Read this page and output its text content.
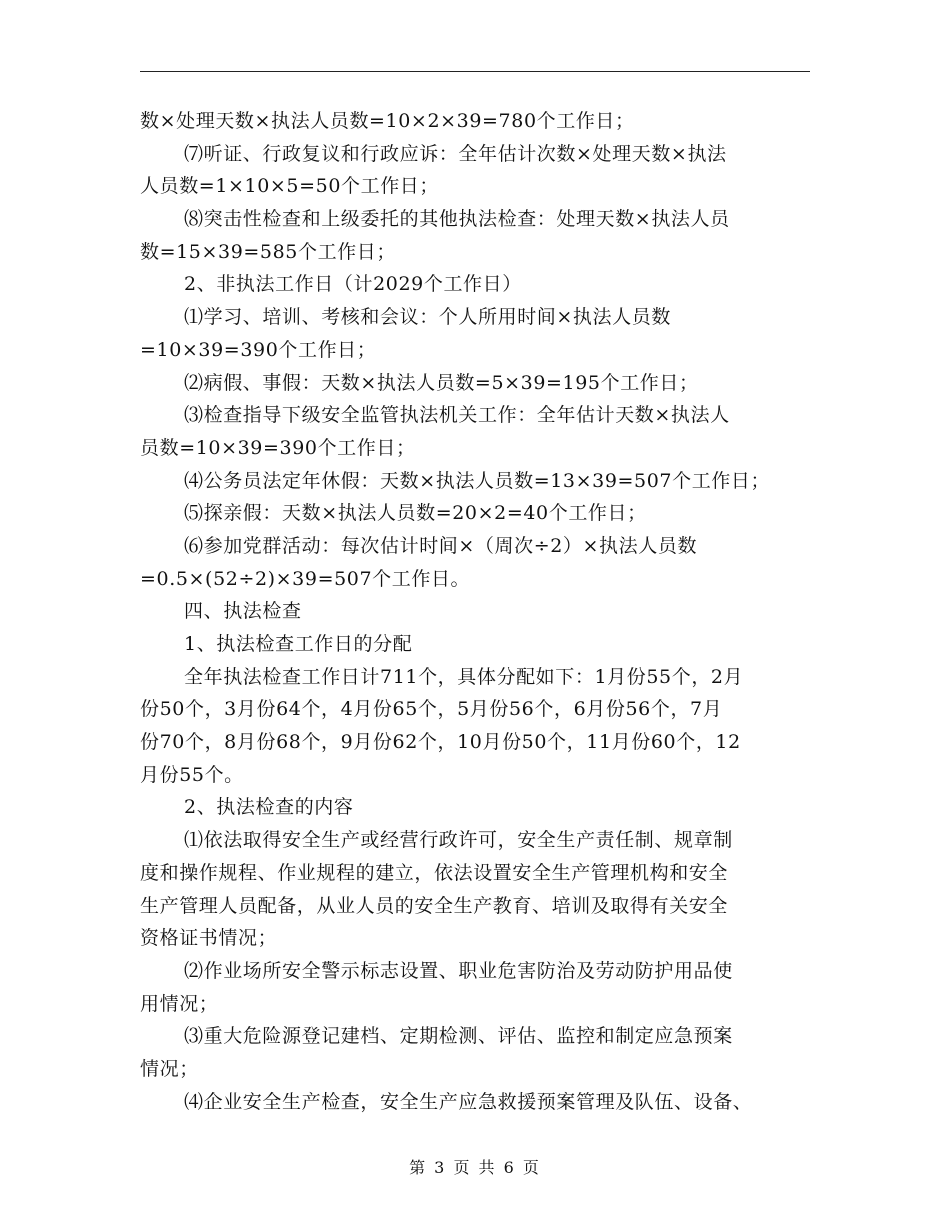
数×处理天数×执法人员数=10×2×39=780个工作日；
⑺听证、行政复议和行政应诉：全年估计次数×处理天数×执法
人员数=1×10×5=50个工作日；
⑻突击性检查和上级委托的其他执法检查：处理天数×执法人员
数=15×39=585个工作日；
2、非执法工作日（计2029个工作日）
⑴学习、培训、考核和会议：个人所用时间×执法人员数
=10×39=390个工作日；
⑵病假、事假：天数×执法人员数=5×39=195个工作日；
⑶检查指导下级安全监管执法机关工作：全年估计天数×执法人
员数=10×39=390个工作日；
⑷公务员法定年休假：天数×执法人员数=13×39=507个工作日；
⑸探亲假：天数×执法人员数=20×2=40个工作日；
⑹参加党群活动：每次估计时间×（周次÷2）×执法人员数
=0.5×(52÷2)×39=507个工作日。
四、执法检查
1、执法检查工作日的分配
全年执法检查工作日计711个，具体分配如下：1月份55个，2月
份50个，3月份64个，4月份65个，5月份56个，6月份56个，7月
份70个，8月份68个，9月份62个，10月份50个，11月份60个，12
月份55个。
2、执法检查的内容
⑴依法取得安全生产或经营行政许可，安全生产责任制、规章制
度和操作规程、作业规程的建立，依法设置安全生产管理机构和安全
生产管理人员配备，从业人员的安全生产教育、培训及取得有关安全
资格证书情况；
⑵作业场所安全警示标志设置、职业危害防治及劳动防护用品使
用情况；
⑶重大危险源登记建档、定期检测、评估、监控和制定应急预案
情况；
⑷企业安全生产检查，安全生产应急救援预案管理及队伍、设备、
第 3 页 共 6 页
